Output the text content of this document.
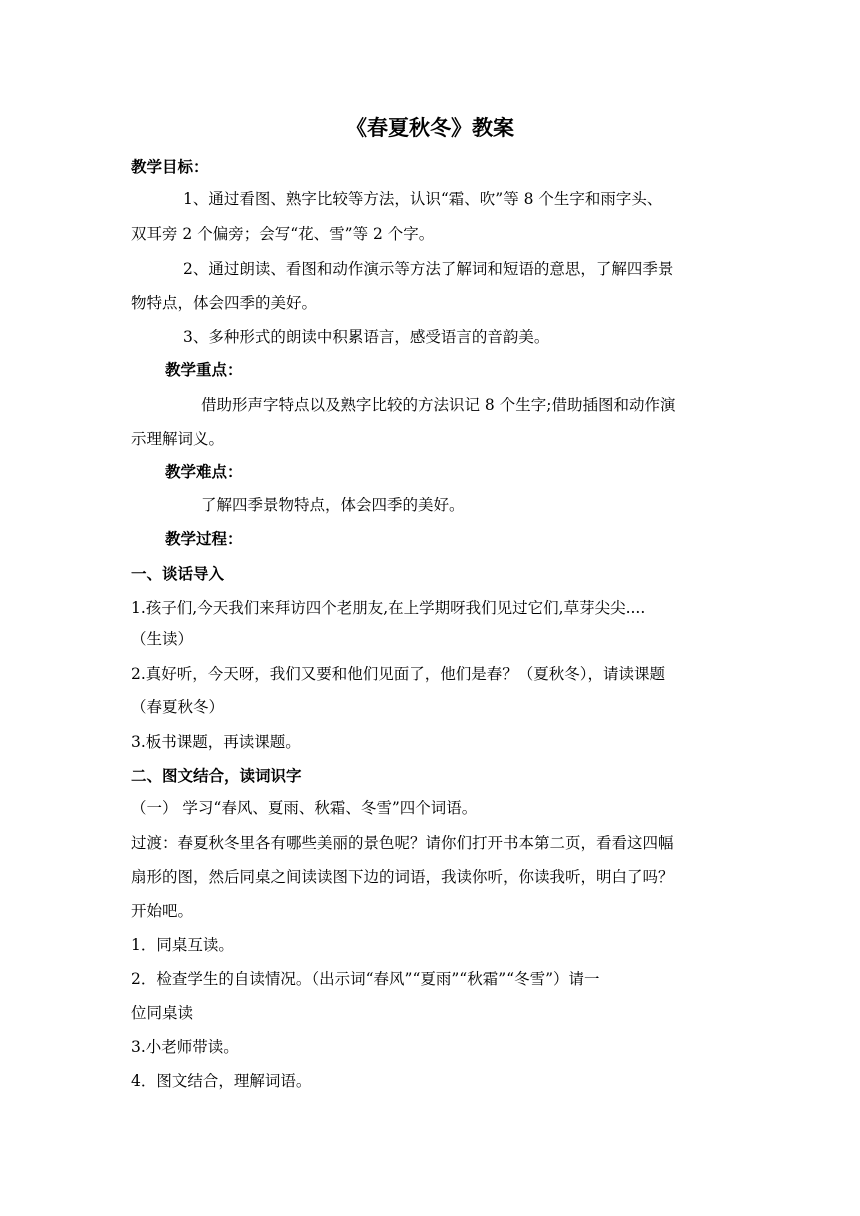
《春夏秋冬》教案
教学目标：
1、通过看图、熟字比较等方法，认识“霜、吹”等 8 个生字和雨字头、
双耳旁 2 个偏旁；会写“花、雪”等 2 个字。
2、通过朗读、看图和动作演示等方法了解词和短语的意思，了解四季景
物特点，体会四季的美好。
3、多种形式的朗读中积累语言，感受语言的音韵美。
教学重点：
借助形声字特点以及熟字比较的方法识记 8 个生字;借助插图和动作演
示理解词义。
教学难点：
了解四季景物特点，体会四季的美好。
教学过程：
一、谈话导入
1.孩子们,今天我们来拜访四个老朋友,在上学期呀我们见过它们,草芽尖尖....
（生读）
2.真好听，今天呀，我们又要和他们见面了，他们是春？（夏秋冬），请读课题
（春夏秋冬）
3.板书课题，再读课题。
二、图文结合，读词识字
（一） 学习“春风、夏雨、秋霜、冬雪”四个词语。
过渡：春夏秋冬里各有哪些美丽的景色呢？请你们打开书本第二页，看看这四幅
扇形的图，然后同桌之间读读图下边的词语，我读你听，你读我听，明白了吗？
开始吧。
1．同桌互读。
2．检查学生的自读情况。（出示词“春风”“夏雨”“秋霜”“冬雪”）请一
位同桌读
3.小老师带读。
4．图文结合，理解词语。
